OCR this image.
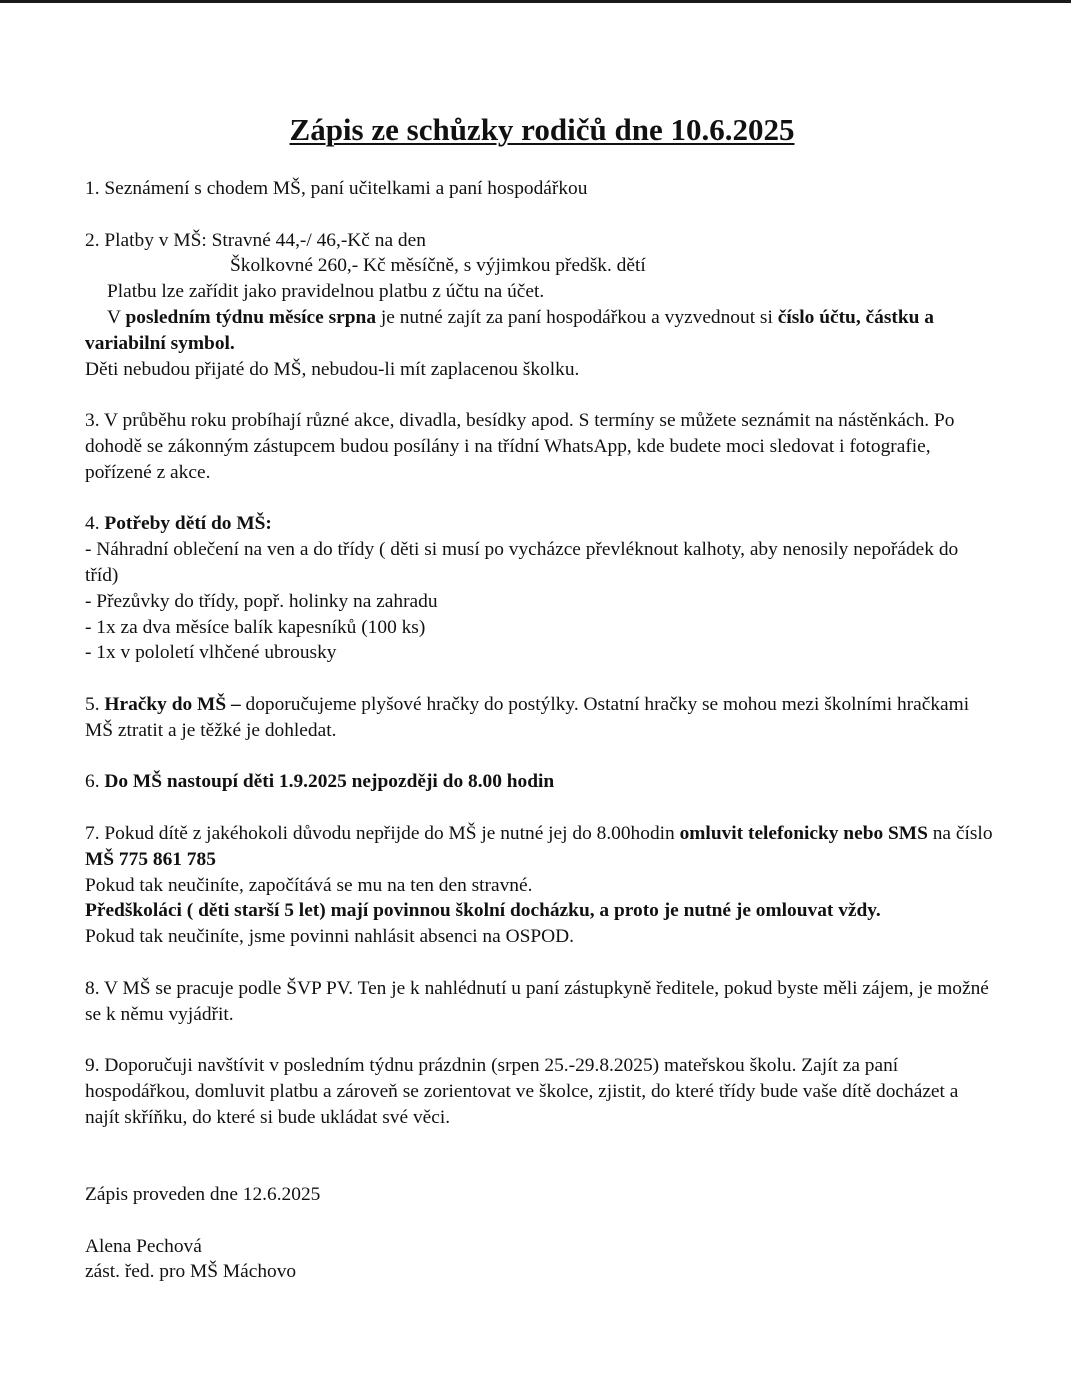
Zápis ze schůzky rodičů dne 10.6.2025
1. Seznámení s chodem MŠ, paní učitelkami a paní hospodářkou
2. Platby v MŠ: Stravné 44,-/ 46,-Kč na den
Školkovné 260,- Kč měsíčně, s výjimkou předšk. dětí
Platbu lze zařídit jako pravidelnou platbu z účtu na účet.
V posledním týdnu měsíce srpna je nutné zajít za paní hospodářkou a vyzvednout si číslo účtu, částku a variabilní symbol.
Děti nebudou přijaté do MŠ, nebudou-li mít zaplacenou školku.
3. V průběhu roku probíhají různé akce, divadla, besídky apod. S termíny se můžete seznámit na nástěnkách. Po dohodě se zákonným zástupcem budou posílány i na třídní WhatsApp, kde budete moci sledovat i fotografie, pořízené z akce.
4. Potřeby dětí do MŠ:
- Náhradní oblečení na ven a do třídy ( děti si musí po vycházce převléknout kalhoty, aby nenosily nepořádek do tříd)
- Přezůvky do třídy, popř. holinky na zahradu
- 1x za dva měsíce balík kapesníků (100 ks)
- 1x v pololetí vlhčené ubrousky
5. Hračky do MŠ – doporučujeme plyšové hračky do postýlky. Ostatní hračky se mohou mezi školními hračkami MŠ ztratit a je těžké je dohledat.
6. Do MŠ nastoupí děti 1.9.2025 nejpozději do 8.00 hodin
7. Pokud dítě z jakéhokoli důvodu nepřijde do MŠ je nutné jej do 8.00hodin omluvit telefonicky nebo SMS na číslo MŠ 775 861 785
Pokud tak neučiníte, započítává se mu na ten den stravné.
Předškoláci ( děti starší 5 let) mají povinnou školní docházku, a proto je nutné je omlouvat vždy.
Pokud tak neučiníte, jsme povinni nahlásit absenci na OSPOD.
8. V MŠ se pracuje podle ŠVP PV. Ten je k nahlédnutí u paní zástupkyně ředitele, pokud byste měli zájem, je možné se k němu vyjádřit.
9. Doporučuji navštívit v posledním týdnu prázdnin (srpen 25.-29.8.2025) mateřskou školu. Zajít za paní hospodářkou, domluvit platbu a zároveň se zorientovat ve školce, zjistit, do které třídy bude vaše dítě docházet a najít skříňku, do které si bude ukládat své věci.
Zápis proveden dne 12.6.2025
Alena Pechová
zást. řed. pro MŠ Máchovo
